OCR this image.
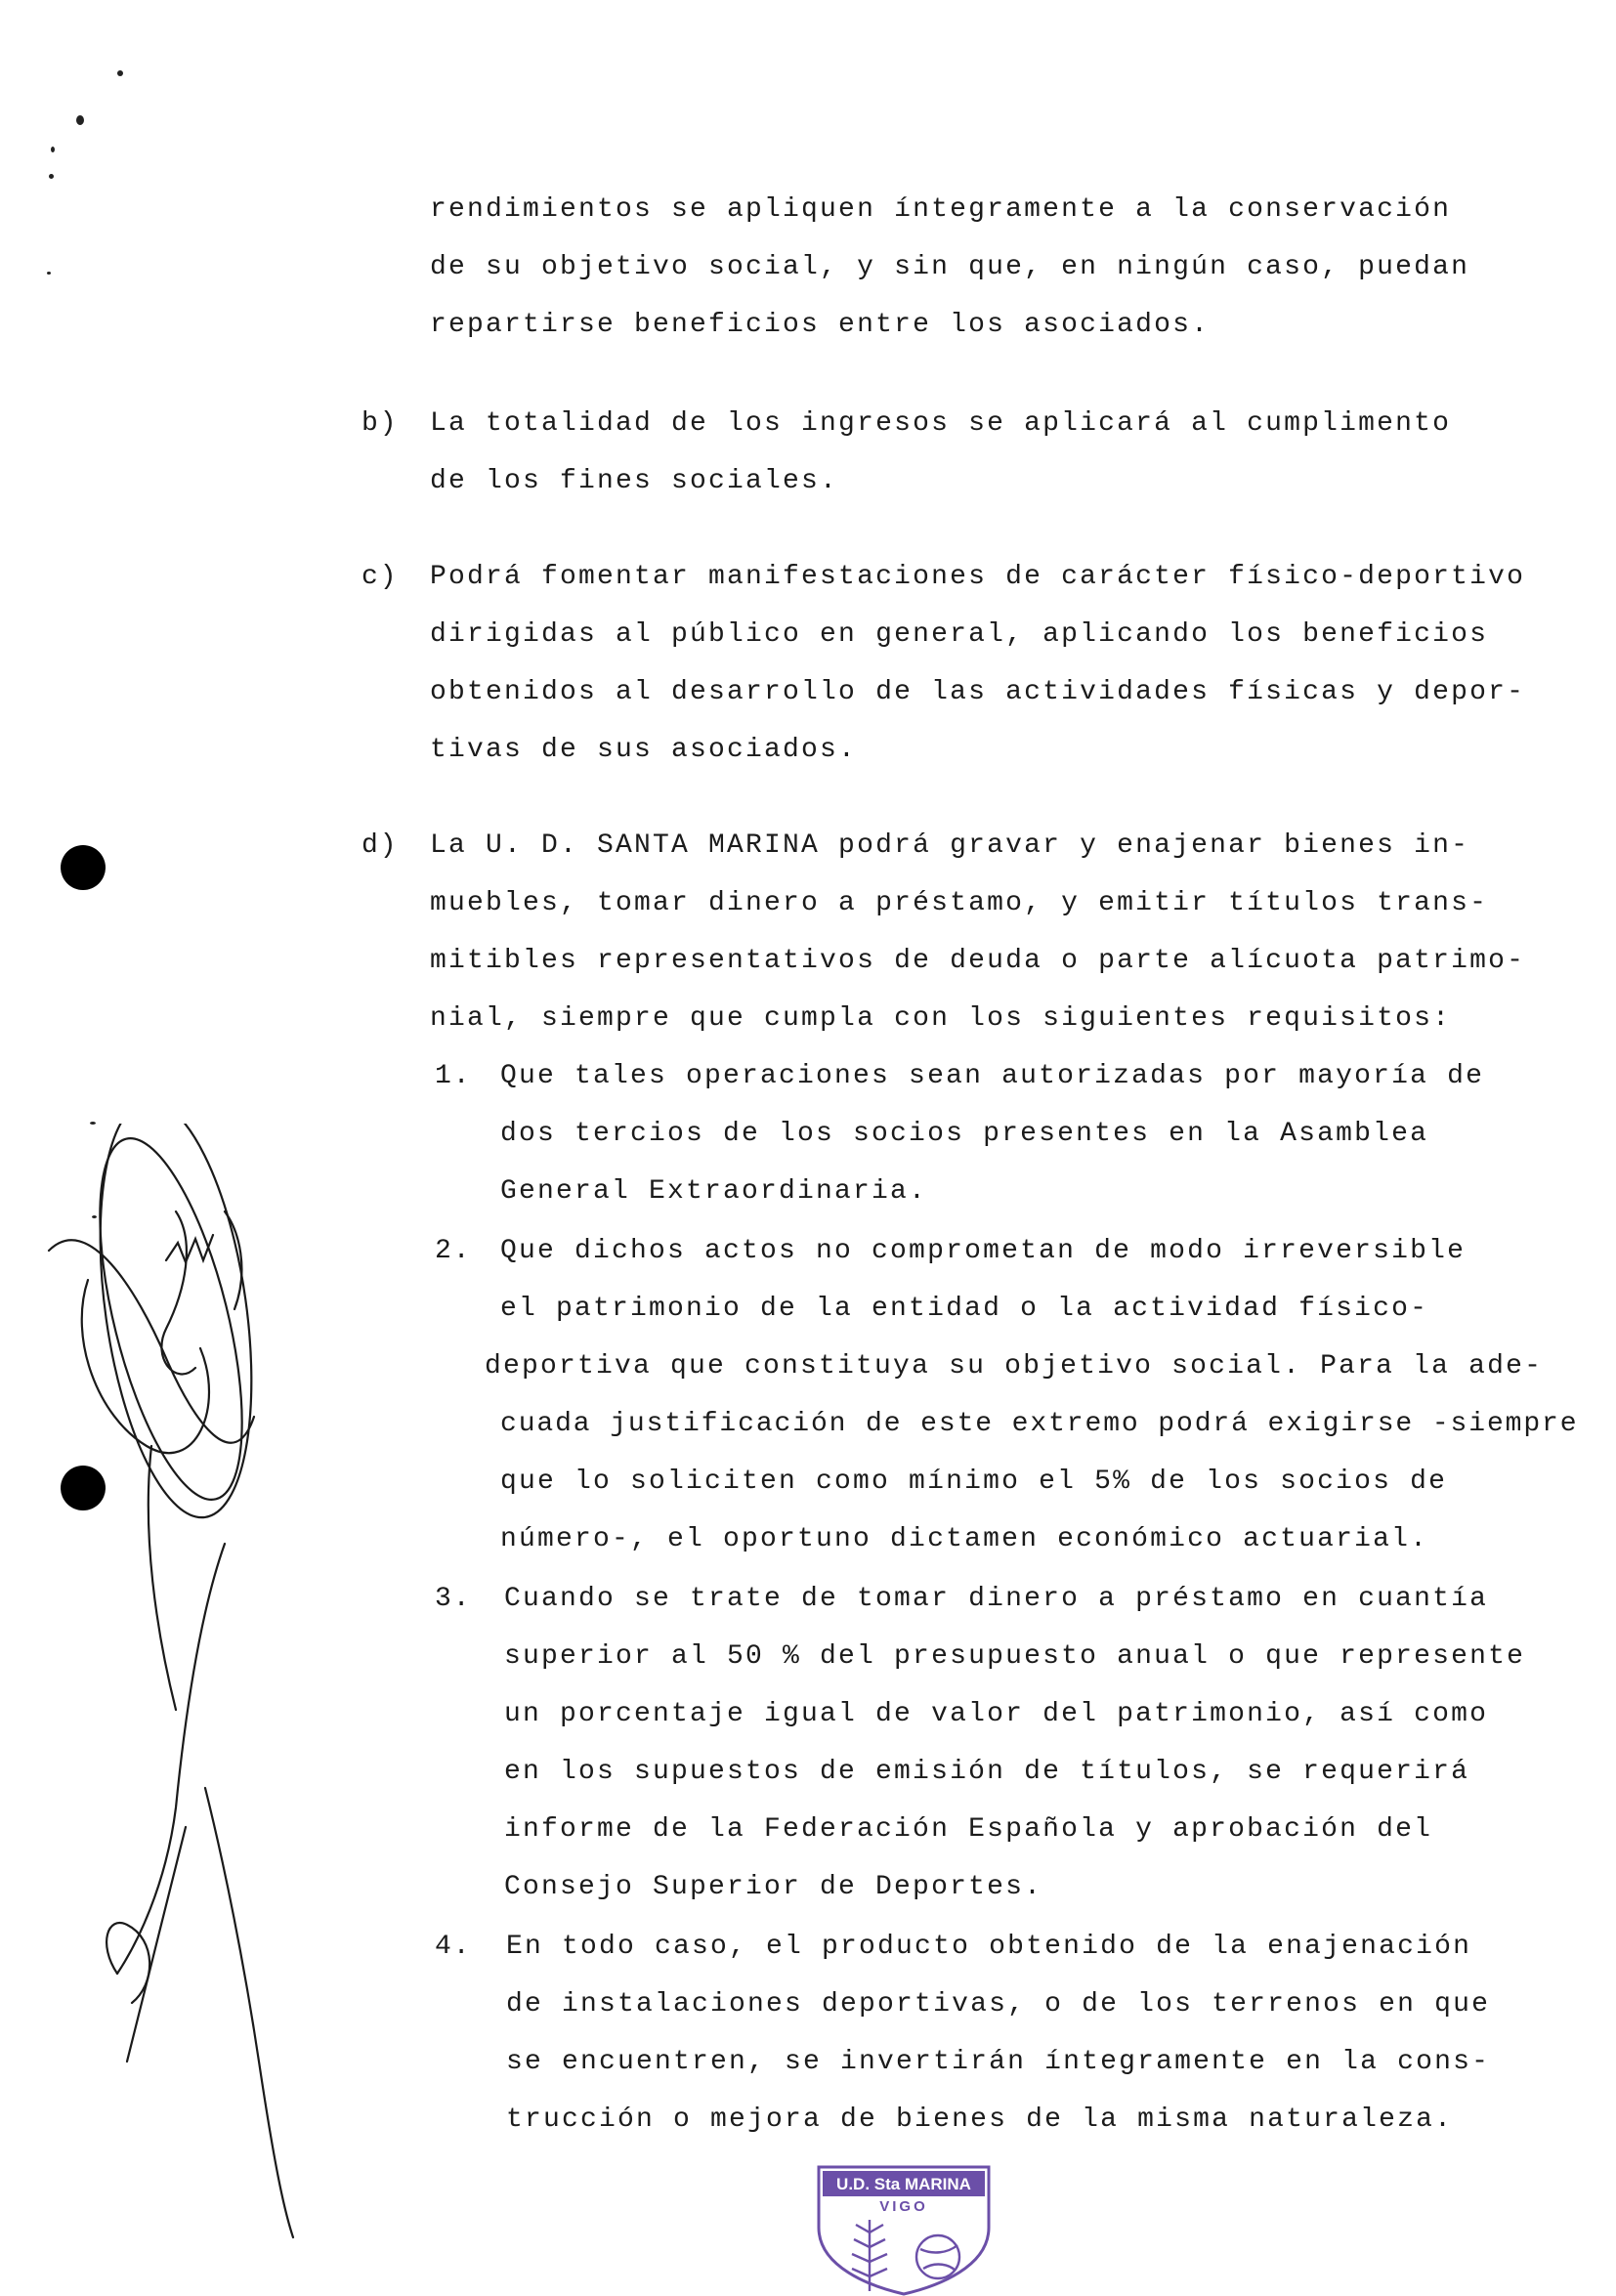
rendimientos se apliquen íntegramente a la conservación
de su objetivo social, y sin que, en ningún caso, puedan
repartirse beneficios entre los asociados.
b) La totalidad de los ingresos se aplicará al cumplimento
de los fines sociales.
c) Podrá fomentar manifestaciones de carácter físico-deportivo
dirigidas al público en general, aplicando los beneficios
obtenidos al desarrollo de las actividades físicas y depor-
tivas de sus asociados.
d) La U. D. SANTA MARINA podrá gravar y enajenar bienes in-
muebles, tomar dinero a préstamo, y emitir títulos trans-
mitibles representativos de deuda o parte alícuota patrimo-
nial, siempre que cumpla con los siguientes requisitos:
1. Que tales operaciones sean autorizadas por mayoría de
dos tercios de los socios presentes en la Asamblea
General Extraordinaria.
2. Que dichos actos no comprometan de modo irreversible
el patrimonio de la entidad o la actividad físico-
deportiva que constituya su objetivo social. Para la ade-
cuada justificación de este extremo podrá exigirse -siempre
que lo soliciten como mínimo el 5% de los socios de
número-, el oportuno dictamen económico actuarial.
3. Cuando se trate de tomar dinero a préstamo en cuantía
superior al 50 % del presupuesto anual o que represente
un porcentaje igual de valor del patrimonio, así como
en los supuestos de emisión de títulos, se requerirá
informe de la Federación Española y aprobación del
Consejo Superior de Deportes.
4. En todo caso, el producto obtenido de la enajenación
de instalaciones deportivas, o de los terrenos en que
se encuentren, se invertirán íntegramente en la cons-
trucción o mejora de bienes de la misma naturaleza.
U.D. Sta MARINA
VIGO
